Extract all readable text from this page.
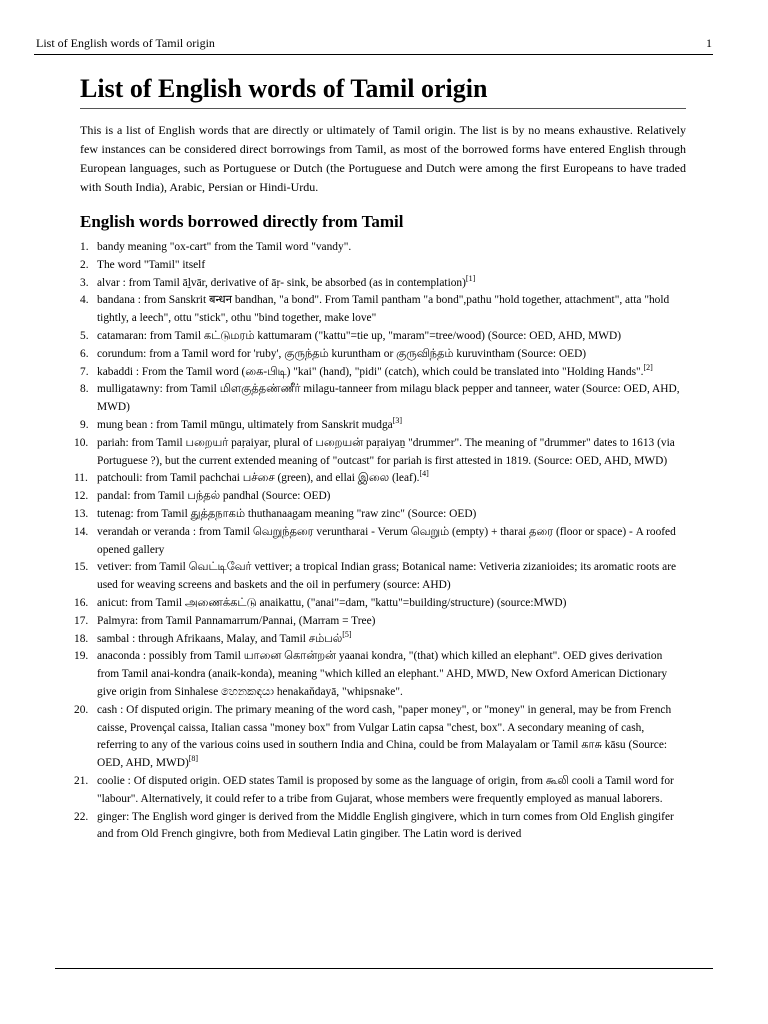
List of English words of Tamil origin	1
List of English words of Tamil origin

This is a list of English words that are directly or ultimately of Tamil origin. The list is by no means exhaustive. Relatively few instances can be considered direct borrowings from Tamil, as most of the borrowed forms have entered English through European languages, such as Portuguese or Dutch (the Portuguese and Dutch were among the first Europeans to have traded with South India), Arabic, Persian or Hindi-Urdu.

English words borrowed directly from Tamil
1. bandy meaning "ox-cart" from the Tamil word "vandy".
2. The word "Tamil" itself
3. alvar : from Tamil āḻvār, derivative of āṛ- sink, be absorbed (as in contemplation)[1]
4. bandana : from Sanskrit बन्धन bandhan, "a bond". From Tamil pantham "a bond",pathu "hold together, attachment", atta "hold tightly, a leech", ottu "stick", othu "bind together, make love"
5. catamaran: from Tamil கட்டுமரம் kattumaram ("kattu"=tie up, "maram"=tree/wood) (Source: OED, AHD, MWD)
6. corundum: from a Tamil word for 'ruby', குருந்தம் kuruntham or குருவிந்தம் kuruvintham (Source: OED)
7. kabaddi : From the Tamil word (கை-பிடி) "kai" (hand), "pidi" (catch), which could be translated into "Holding Hands".[2]
8. mulligatawny: from Tamil மிளகுத்தண்ணீர் milagu-tanneer from milagu black pepper and tanneer, water (Source: OED, AHD, MWD)
9. mung bean : from Tamil mūngu, ultimately from Sanskrit mudga[3]
10. pariah: from Tamil பறையர் paṛaiyar, plural of பறையன் paṛaiyaṉ "drummer". The meaning of "drummer" dates to 1613 (via Portuguese ?), but the current extended meaning of "outcast" for pariah is first attested in 1819. (Source: OED, AHD, MWD)
11. patchouli: from Tamil pachchai பச்சை (green), and ellai இலை (leaf).[4]
12. pandal: from Tamil பந்தல் pandhal (Source: OED)
13. tutenag: from Tamil துத்தநாகம் thuthanaagam meaning "raw zinc" (Source: OED)
14. verandah or veranda : from Tamil வெறுந்தரை veruntharai - Verum வெறும் (empty) + tharai தரை (floor or space) - A roofed opened gallery
15. vetiver: from Tamil வெட்டிவேர் vettiver; a tropical Indian grass; Botanical name: Vetiveria zizanioides; its aromatic roots are used for weaving screens and baskets and the oil in perfumery (source: AHD)
16. anicut: from Tamil அணைக்கட்டு anaikattu, ("anai"=dam, "kattu"=building/structure) (source:MWD)
17. Palmyra: from Tamil Pannamarrum/Pannai, (Marram = Tree)
18. sambal : through Afrikaans, Malay, and Tamil சம்பல்[5]
19. anaconda : possibly from Tamil யானை கொன்றன் yaanai kondra, "(that) which killed an elephant". OED gives derivation from Tamil anai-kondra (anaik-konda), meaning "which killed an elephant." AHD, MWD, New Oxford American Dictionary give origin from Sinhalese හෙනකඳයා henakan̆dayā, "whipsnake".
20. cash : Of disputed origin. The primary meaning of the word cash, "paper money", or "money" in general, may be from French caisse, Provençal caissa, Italian cassa "money box" from Vulgar Latin capsa "chest, box". A secondary meaning of cash, referring to any of the various coins used in southern India and China, could be from Malayalam or Tamil காசு kāsu (Source: OED, AHD, MWD)[8]
21. coolie : Of disputed origin. OED states Tamil is proposed by some as the language of origin, from கூலி cooli a Tamil word for "labour". Alternatively, it could refer to a tribe from Gujarat, whose members were frequently employed as manual laborers.
22. ginger: The English word ginger is derived from the Middle English gingivere, which in turn comes from Old English gingifer and from Old French gingivre, both from Medieval Latin gingiber. The Latin word is derived
